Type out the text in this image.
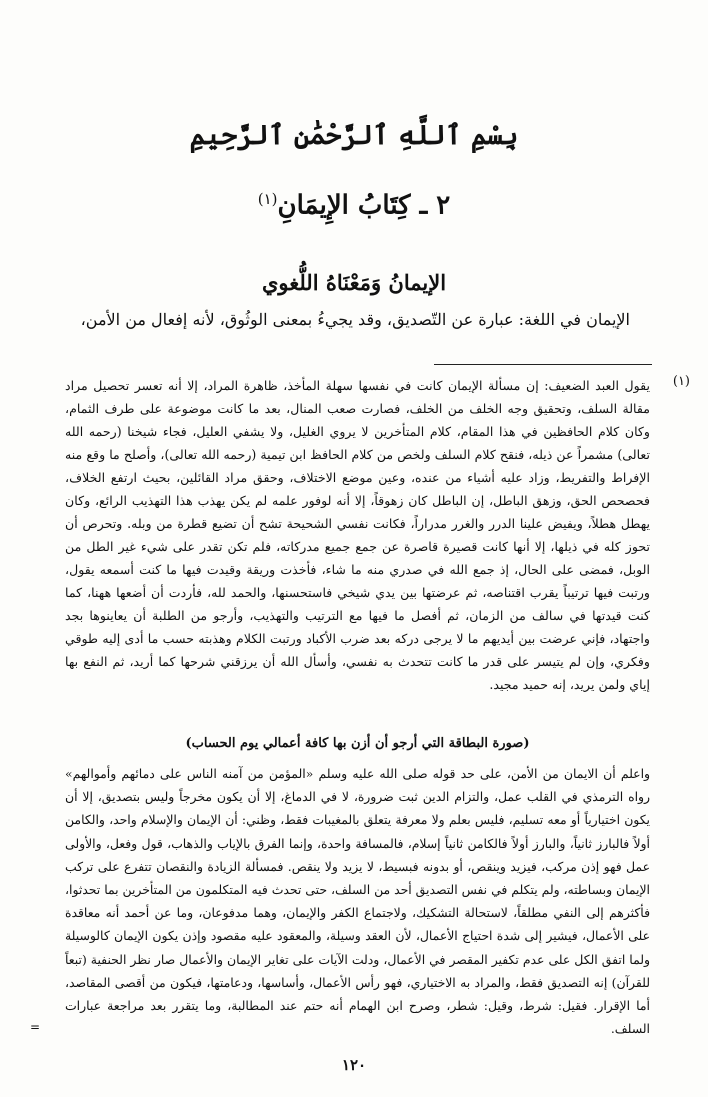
بِسْمِ ٱللَّهِ ٱلرَّحْمَٰنِ ٱلرَّحِيمِ
٢ ـ كِتَابُ الإِيمَانِ$^{(١)}$
الإيمانُ وَمَعْنَاهُ اللُّغوي
الإيمان في اللغة: عبارة عن التّصديق، وقد يجيءُ بمعنى الوثُوق، لأنه إفعال من الأمن،
(١)

يقول العبد الضعيف: إن مسألة الإيمان كانت في نفسها سهلة المأخذ، ظاهرة المراد، إلا أنه تعسر تحصيل مراد مقالة السلف، وتحقيق وجه الخلف من الخلف، فصارت صعب المنال، بعد ما كانت موضوعة على طرف الثمام، وكان كلام الحافظين في هذا المقام، كلام المتأخرين لا يروي الغليل، ولا يشفي العليل، فجاء شيخنا (رحمه الله تعالى) مشمراً عن ذيله، فنقح كلام السلف ولخص من كلام الحافظ ابن تيمية (رحمه الله تعالى)، وأصلح ما وقع منه الإفراط والتفريط، وزاد عليه أشياء من عنده، وعين موضع الاختلاف، وحقق مراد القائلين، بحيث ارتفع الخلاف، فحصحص الحق، وزهق الباطل، إن الباطل كان زهوقاً، إلا أنه لوفور علمه لم يكن يهذب هذا التهذيب الرائع، وكان يهطل هطلاً، ويفيض علينا الدرر والغرر مدراراً، فكانت نفسي الشحيحة تشح أن تضيع قطرة من وبله. وتحرص أن تحوز كله في ذيلها، إلا أنها كانت قصيرة قاصرة عن جمع جميع مدركاته، فلم تكن تقدر على شيء غير الطل من الوبل، فمضى على الحال، إذ جمع الله في صدري منه ما شاء، فأخذت وريقة وقيدت فيها ما كنت أسمعه يقول، ورتبت فيها ترتيباً يقرب اقتناصه، ثم عرضتها بين يدي شيخي فاستحسنها، والحمد لله، فأردت أن أضعها ههنا، كما كنت قيدتها في سالف من الزمان، ثم أفصل ما فيها مع الترتيب والتهذيب، وأرجو من الطلبة أن يعاينوها بجد واجتهاد، فإني عرضت بين أيديهم ما لا يرجى دركه بعد ضرب الأكباد ورتبت الكلام وهذبته حسب ما أدى إليه طوقي وفكري، وإن لم يتيسر على قدر ما كانت تتحدث به نفسي، وأسأل الله أن يرزقني شرحها كما أريد، ثم النفع بها إياي ولمن يريد، إنه حميد مجيد.

(صورة البطاقة التي أرجو أن أزن بها كافة أعمالي يوم الحساب)

واعلم أن الايمان من الأمن، على حد قوله صلى الله عليه وسلم «المؤمن من آمنه الناس على دمائهم وأموالهم» رواه الترمذي في القلب عمل، والتزام الدين ثبت ضرورة، لا في الدماغ، إلا أن يكون مخرجاً وليس بتصديق، إلا أن يكون اختيارياً أو معه تسليم، فليس بعلم ولا معرفة يتعلق بالمغيبات فقط، وظني: أن الإيمان والإسلام واحد، والكامن أولاً فالبارز ثانياً، والبارز أولاً فالكامن ثانياً إسلام، فالمسافة واحدة، وإنما الفرق بالإياب والذهاب، قول وفعل، والأولى عمل فهو إذن مركب، فيزيد وينقص، أو بدونه فبسيط، لا يزيد ولا ينقص. فمسألة الزيادة والنقصان تتفرع على تركب الإيمان وبساطته، ولم يتكلم في نفس التصديق أحد من السلف، حتى تحدث فيه المتكلمون من المتأخرين بما تحدثوا، فأكثرهم إلى النفي مطلقاً، لاستحالة التشكيك، ولاجتماع الكفر والإيمان، وهما مدفوعان، وما عن أحمد أنه معاقدة على الأعمال، فيشير إلى شدة احتياج الأعمال، لأن العقد وسيلة، والمعقود عليه مقصود وإذن يكون الإيمان كالوسيلة ولما اتفق الكل على عدم تكفير المقصر في الأعمال، ودلت الآيات على تغاير الإيمان والأعمال صار نظر الحنفية (تبعاً للقرآن) إنه التصديق فقط، والمراد به الاختياري، فهو رأس الأعمال، وأساسها، ودعامتها، فيكون من أقصى المقاصد، أما الإقرار. فقيل: شرط، وقيل: شطر، وصرح ابن الهمام أنه حتم عند المطالبة، وما يتقرر بعد مراجعة عبارات السلف.

=
١٢٠
